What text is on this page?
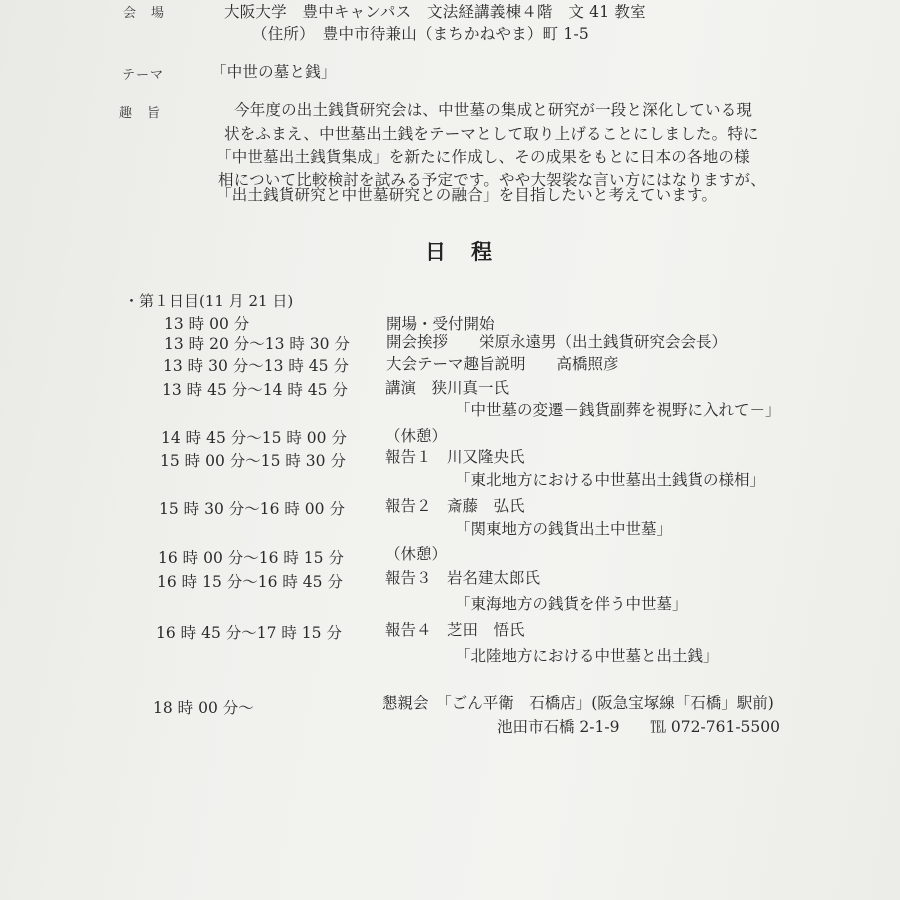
会　場	大阪大学　豊中キャンパス　文法経講義棟４階　文 41 教室
（住所）　豊中市待兼山（まちかねやま）町 1-5
テーマ	「中世の墓と銭」
趣　旨	今年度の出土銭貨研究会は、中世墓の集成と研究が一段と深化している現
状をふまえ、中世墓出土銭をテーマとして取り上げることにしました。特に
「中世墓出土銭貨集成」を新たに作成し、その成果をもとに日本の各地の様
相について比較検討を試みる予定です。やや大袈裟な言い方にはなりますが、
「出土銭貨研究と中世墓研究との融合」を目指したいと考えています。
日　程
・第１日目(11 月 21 日)
13 時 00 分	開場・受付開始
13 時 20 分～13 時 30 分 開会挨拶　　栄原永遠男（出土銭貨研究会会長）
13 時 30 分～13 時 45 分 大会テーマ趣旨説明　　高橋照彦
13 時 45 分～14 時 45 分 講演　狭川真一氏
「中世墓の変遷－銭貨副葬を視野に入れて－」
14 時 45 分～15 時 00 分 （休憩）
15 時 00 分～15 時 30 分	報告１　川又隆央氏
「東北地方における中世墓出土銭貨の様相」
15 時 30 分～16 時 00 分	報告２　斎藤　弘氏
「関東地方の銭貨出土中世墓」
16 時 00 分～16 時 15 分	（休憩）
16 時 15 分～16 時 45 分	報告３　岩名建太郎氏
「東海地方の銭貨を伴う中世墓」
16 時 45 分～17 時 15 分	報告４　芝田　悟氏
「北陸地方における中世墓と出土銭」
18 時 00 分～	懇親会　「ごん平衛　石橋店」(阪急宝塚線「石橋」駅前)
池田市石橋 2-1-9　　℡ 072-761-5500
